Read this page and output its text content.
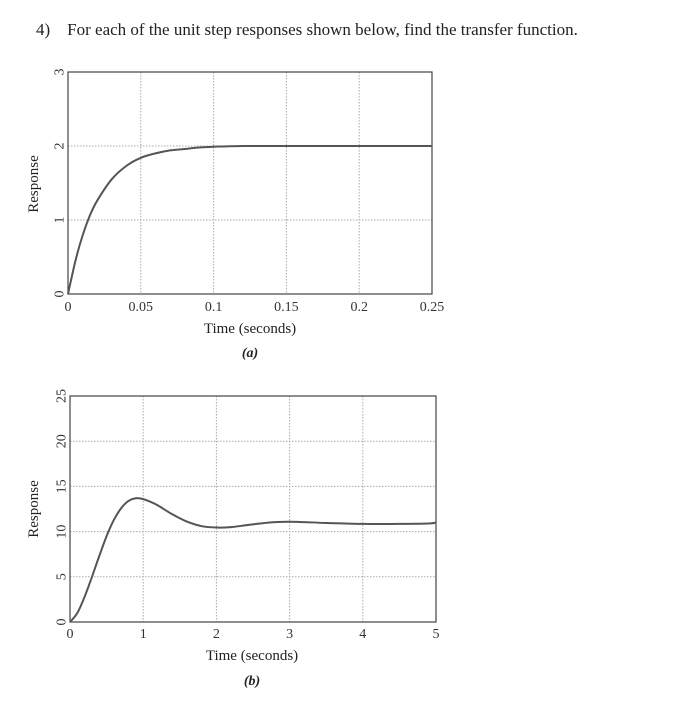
4) For each of the unit step responses shown below, find the transfer function.
0	0.05	0.1	0.15	0.2	0.25
0
1
2
3
Time (seconds)
Response
(a)
0	1	2	3	4	5
0
5
10
15
20
25
Time (seconds)
Response
(b)
